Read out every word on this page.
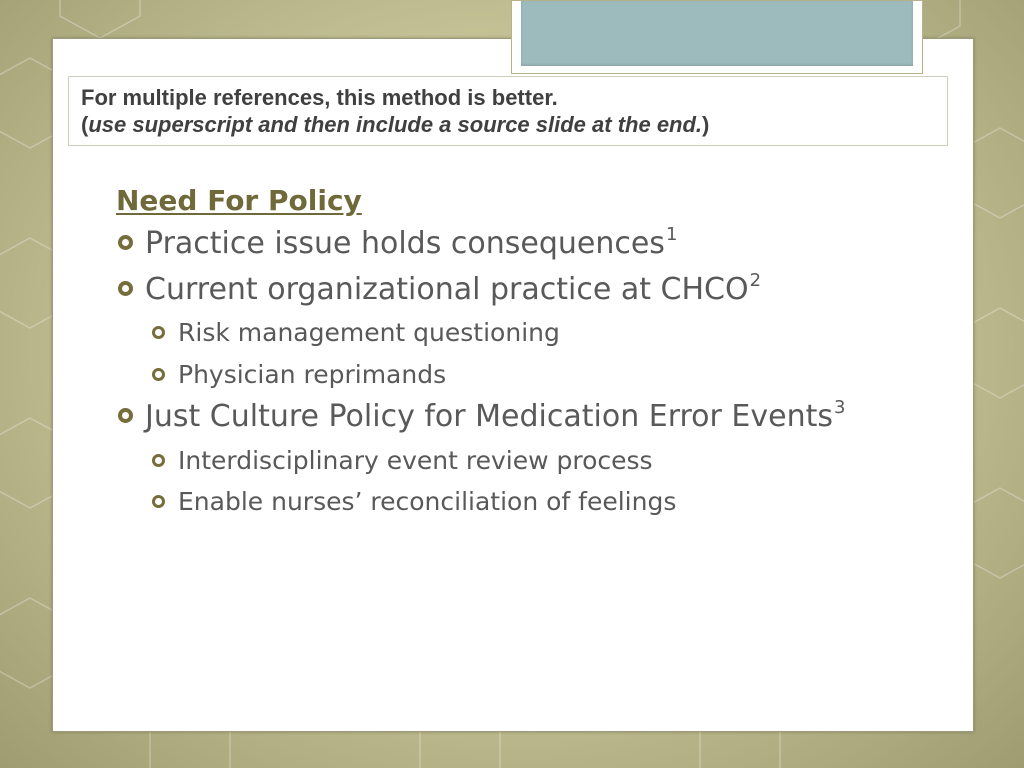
For multiple references, this method is better.
(use superscript and then include a source slide at the end.)
Need For Policy
Practice issue holds consequences$^1$
Current organizational practice at CHCO$^2$
Risk management questioning
Physician reprimands
Just Culture Policy for Medication Error Events$^3$
Interdisciplinary event review process
Enable nurses’ reconciliation of feelings
